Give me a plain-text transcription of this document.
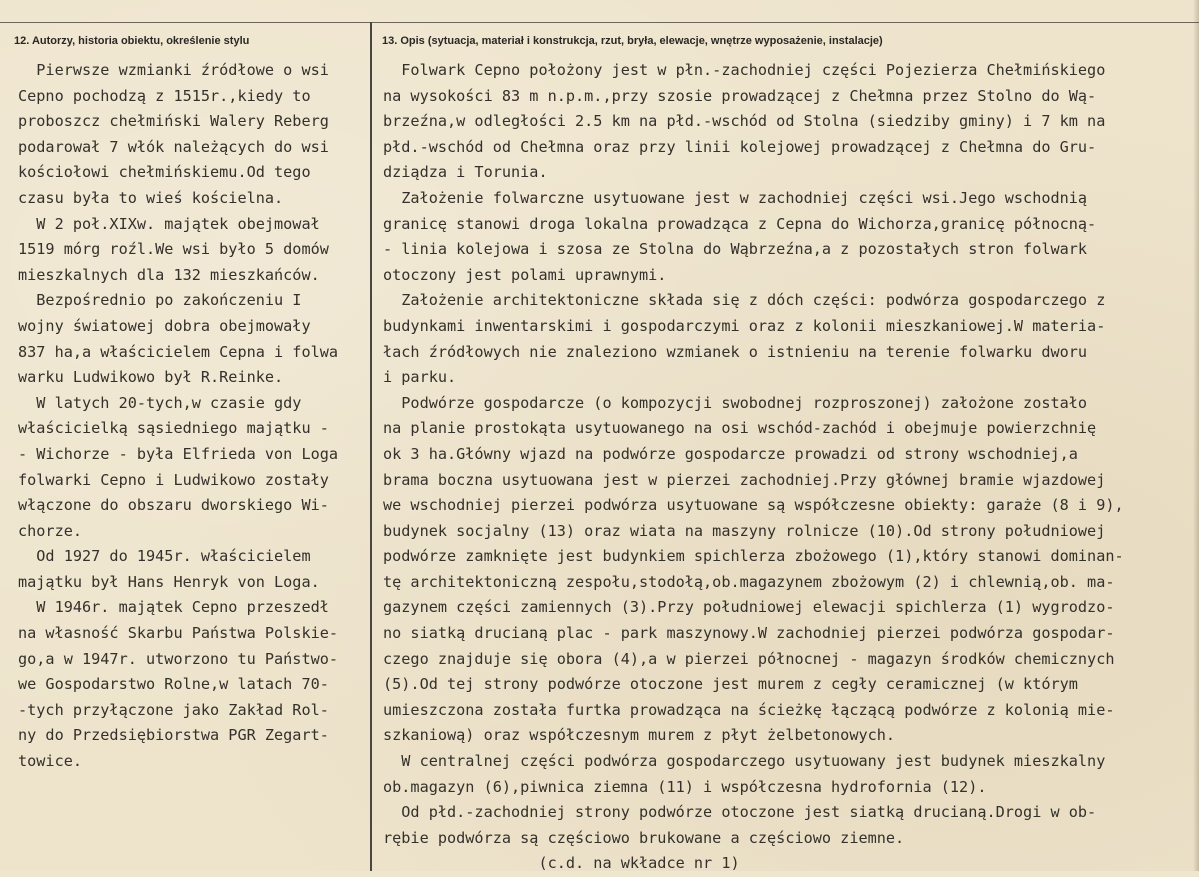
12. Autorzy, historia obiektu, określenie stylu	13. Opis (sytuacja, materiał i konstrukcja, rzut, bryła, elewacje, wnętrze wyposażenie, instalacje)
Pierwsze wzmianki źródłowe o wsi
Cepno pochodzą z 1515r.,kiedy to
proboszcz chełmiński Walery Reberg
podarował 7 włók należących do wsi
kościołowi chełmińskiemu.Od tego
czasu była to wieś kościelna.
W 2 poł.XIXw. majątek obejmował
1519 mórg roźl.We wsi było 5 domów
mieszkalnych dla 132 mieszkańców.
Bezpośrednio po zakończeniu I
wojny światowej dobra obejmowały
837 ha,a właścicielem Cepna i folwa
warku Ludwikowo był R.Reinke.
W latych 20-tych,w czasie gdy
właścicielką sąsiedniego majątku -
- Wichorze - była Elfrieda von Loga
folwarki Cepno i Ludwikowo zostały
włączone do obszaru dworskiego Wi-
chorze.
Od 1927 do 1945r. właścicielem
majątku był Hans Henryk von Loga.
W 1946r. majątek Cepno przeszedł
na własność Skarbu Państwa Polskie-
go,a w 1947r. utworzono tu Państwo-
we Gospodarstwo Rolne,w latach 70-
-tych przyłączone jako Zakład Rol-
ny do Przedsiębiorstwa PGR Zegart-
towice.
Folwark Cepno położony jest w płn.-zachodniej części Pojezierza Chełmińskiego
na wysokości 83 m n.p.m.,przy szosie prowadzącej z Chełmna przez Stolno do Wą-
brzeźna,w odległości 2.5 km na płd.-wschód od Stolna (siedziby gminy) i 7 km na
płd.-wschód od Chełmna oraz przy linii kolejowej prowadzącej z Chełmna do Gru-
dziądza i Torunia.
Założenie folwarczne usytuowane jest w zachodniej części wsi.Jego wschodnią
granicę stanowi droga lokalna prowadząca z Cepna do Wichorza,granicę północną-
- linia kolejowa i szosa ze Stolna do Wąbrzeźna,a z pozostałych stron folwark
otoczony jest polami uprawnymi.
Założenie architektoniczne składa się z dóch części: podwórza gospodarczego z
budynkami inwentarskimi i gospodarczymi oraz z kolonii mieszkaniowej.W materia-
łach źródłowych nie znaleziono wzmianek o istnieniu na terenie folwarku dworu
i parku.
Podwórze gospodarcze (o kompozycji swobodnej rozproszonej) założone zostało
na planie prostokąta usytuowanego na osi wschód-zachód i obejmuje powierzchnię
ok 3 ha.Główny wjazd na podwórze gospodarcze prowadzi od strony wschodniej,a
brama boczna usytuowana jest w pierzei zachodniej.Przy głównej bramie wjazdowej
we wschodniej pierzei podwórza usytuowane są współczesne obiekty: garaże (8 i 9),
budynek socjalny (13) oraz wiata na maszyny rolnicze (10).Od strony południowej
podwórze zamknięte jest budynkiem spichlerza zbożowego (1),który stanowi dominan-
tę architektoniczną zespołu,stodołą,ob.magazynem zbożowym (2) i chlewnią,ob. ma-
gazynem części zamiennych (3).Przy południowej elewacji spichlerza (1) wygrodzo-
no siatką drucianą plac - park maszynowy.W zachodniej pierzei podwórza gospodar-
czego znajduje się obora (4),a w pierzei północnej - magazyn środków chemicznych
(5).Od tej strony podwórze otoczone jest murem z cegły ceramicznej (w którym
umieszczona została furtka prowadząca na ścieżkę łączącą podwórze z kolonią mie-
szkaniową) oraz współczesnym murem z płyt żelbetonowych.
W centralnej części podwórza gospodarczego usytuowany jest budynek mieszkalny
ob.magazyn (6),piwnica ziemna (11) i współczesna hydrofornia (12).
Od płd.-zachodniej strony podwórze otoczone jest siatką drucianą.Drogi w ob-
rębie podwórza są częściowo brukowane a częściowo ziemne.
(c.d. na wkładce nr 1)
